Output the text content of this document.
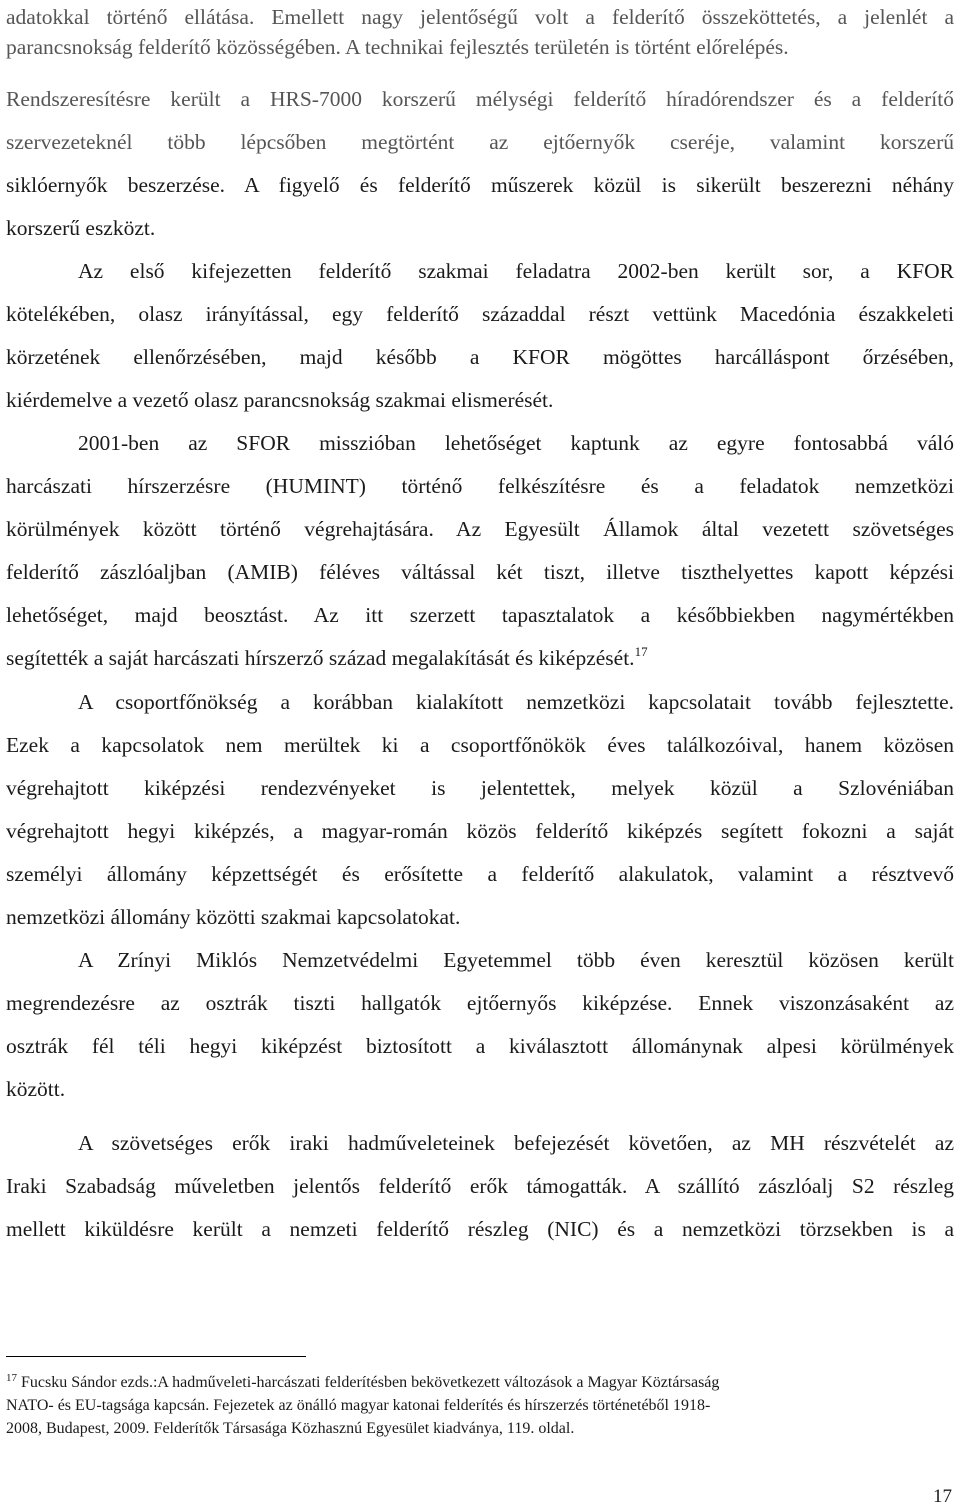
adatokkal történő ellátása. Emellett nagy jelentőségű volt a felderítő összeköttetés, a jelenlét a
parancsnokság felderítő közösségében. A technikai fejlesztés területén is történt előrelépés.
Rendszeresítésre került a HRS-7000 korszerű mélységi felderítő híradórendszer és a felderítő
szervezeteknél több lépcsőben megtörtént az ejtőernyők cseréje, valamint korszerű
siklóernyők beszerzése. A figyelő és felderítő műszerek közül is sikerült beszerezni néhány
korszerű eszközt.
Az első kifejezetten felderítő szakmai feladatra 2002-ben került sor, a KFOR
kötelékében, olasz irányítással, egy felderítő századdal részt vettünk Macedónia északkeleti
körzetének ellenőrzésében, majd később a KFOR mögöttes harcálláspont őrzésében,
kiérdemelve a vezető olasz parancsnokság szakmai elismerését.
2001-ben az SFOR misszióban lehetőséget kaptunk az egyre fontosabbá váló
harcászati hírszerzésre (HUMINT) történő felkészítésre és a feladatok nemzetközi
körülmények között történő végrehajtására. Az Egyesült Államok által vezetett szövetséges
felderítő zászlóaljban (AMIB) féléves váltással két tiszt, illetve tiszthelyettes kapott képzési
lehetőséget, majd beosztást. Az itt szerzett tapasztalatok a későbbiekben nagymértékben
segítették a saját harcászati hírszerző század megalakítását és kiképzését.$^{17}$
A csoportfőnökség a korábban kialakított nemzetközi kapcsolatait tovább fejlesztette.
Ezek a kapcsolatok nem merültek ki a csoportfőnökök éves találkozóival, hanem közösen
végrehajtott kiképzési rendezvényeket is jelentettek, melyek közül a Szlovéniában
végrehajtott hegyi kiképzés, a magyar-román közös felderítő kiképzés segített fokozni a saját
személyi állomány képzettségét és erősítette a felderítő alakulatok, valamint a résztvevő
nemzetközi állomány közötti szakmai kapcsolatokat.
A Zrínyi Miklós Nemzetvédelmi Egyetemmel több éven keresztül közösen került
megrendezésre az osztrák tiszti hallgatók ejtőernyős kiképzése. Ennek viszonzásaként az
osztrák fél téli hegyi kiképzést biztosított a kiválasztott állománynak alpesi körülmények
között.
A szövetséges erők iraki hadműveleteinek befejezését követően, az MH részvételét az
Iraki Szabadság műveletben jelentős felderítő erők támogatták. A szállító zászlóalj S2 részleg
mellett kiküldésre került a nemzeti felderítő részleg (NIC) és a nemzetközi törzsekben is a
$^{17}$ Fucsku Sándor ezds.:A hadműveleti-harcászati felderítésben bekövetkezett változások a Magyar Köztársaság
NATO- és EU-tagsága kapcsán. Fejezetek az önálló magyar katonai felderítés és hírszerzés történetéből 1918-
2008, Budapest, 2009. Felderítők Társasága Közhasznú Egyesület kiadványa, 119. oldal.
17
